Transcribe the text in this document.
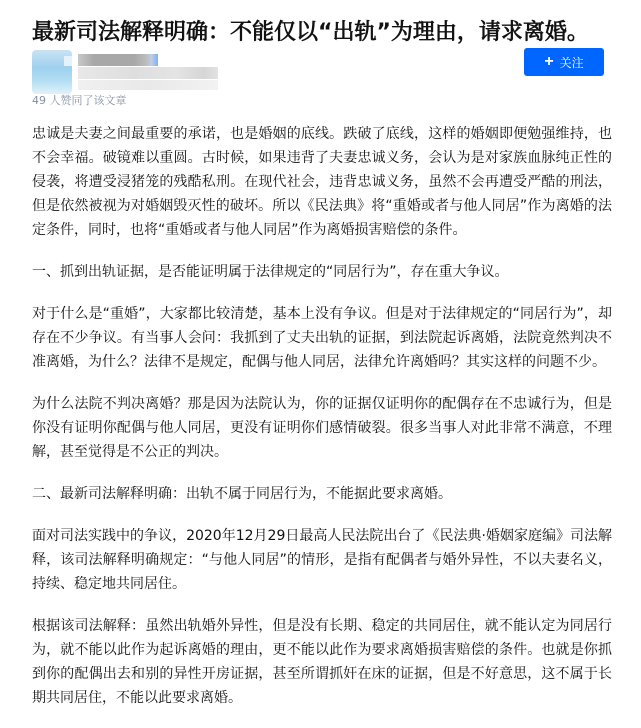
最新司法解释明确：不能仅以“出轨”为理由，请求离婚。
+ 关注
49 人赞同了该文章

忠诚是夫妻之间最重要的承诺，也是婚姻的底线。跌破了底线，这样的婚姻即便勉强维持，也不会幸福。破镜难以重圆。古时候，如果违背了夫妻忠诚义务，会认为是对家族血脉纯正性的侵袭，将遭受浸猪笼的残酷私刑。在现代社会，违背忠诚义务，虽然不会再遭受严酷的刑法，但是依然被视为对婚姻毁灭性的破坏。所以《民法典》将“重婚或者与他人同居”作为离婚的法定条件，同时，也将“重婚或者与他人同居”作为离婚损害赔偿的条件。

一、抓到出轨证据，是否能证明属于法律规定的“同居行为”，存在重大争议。

对于什么是“重婚”，大家都比较清楚，基本上没有争议。但是对于法律规定的“同居行为”，却存在不少争议。有当事人会问：我抓到了丈夫出轨的证据，到法院起诉离婚，法院竟然判决不准离婚，为什么？法律不是规定，配偶与他人同居，法律允许离婚吗？其实这样的问题不少。

为什么法院不判决离婚？那是因为法院认为，你的证据仅证明你的配偶存在不忠诚行为，但是你没有证明你配偶与他人同居，更没有证明你们感情破裂。很多当事人对此非常不满意，不理解，甚至觉得是不公正的判决。

二、最新司法解释明确：出轨不属于同居行为，不能据此要求离婚。

面对司法实践中的争议，2020年12月29日最高人民法院出台了《民法典·婚姻家庭编》司法解释，该司法解释明确规定：“与他人同居”的情形，是指有配偶者与婚外异性，不以夫妻名义，持续、稳定地共同居住。

根据该司法解释：虽然出轨婚外异性，但是没有长期、稳定的共同居住，就不能认定为同居行为，就不能以此作为起诉离婚的理由，更不能以此作为要求离婚损害赔偿的条件。也就是你抓到你的配偶出去和别的异性开房证据，甚至所谓抓奸在床的证据，但是不好意思，这不属于长期共同居住，不能以此要求离婚。
